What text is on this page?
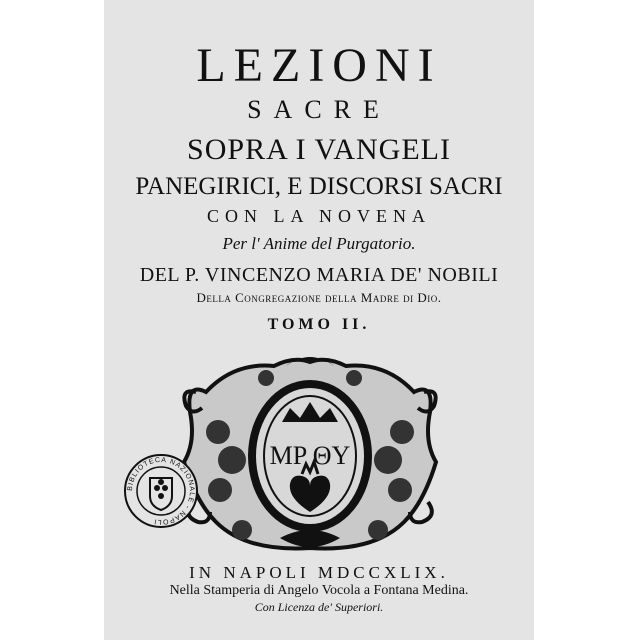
LEZIONI
SACRE
SOPRA I VANGELI
PANEGIRICI, E DISCORSI SACRI
CON LA NOVENA
Per l' Anime del Purgatorio.
DEL P. VINCENZO MARIA DE' NOBILI
Della Congregazione della Madre di Dio.
TOMO II.
MP ΘY
BIBLIOTECA NAZIONALE - NAPOLI
IN NAPOLI MDCCXLIX.
Nella Stamperia di Angelo Vocola a Fontana Medina.
Con Licenza de' Superiori.
